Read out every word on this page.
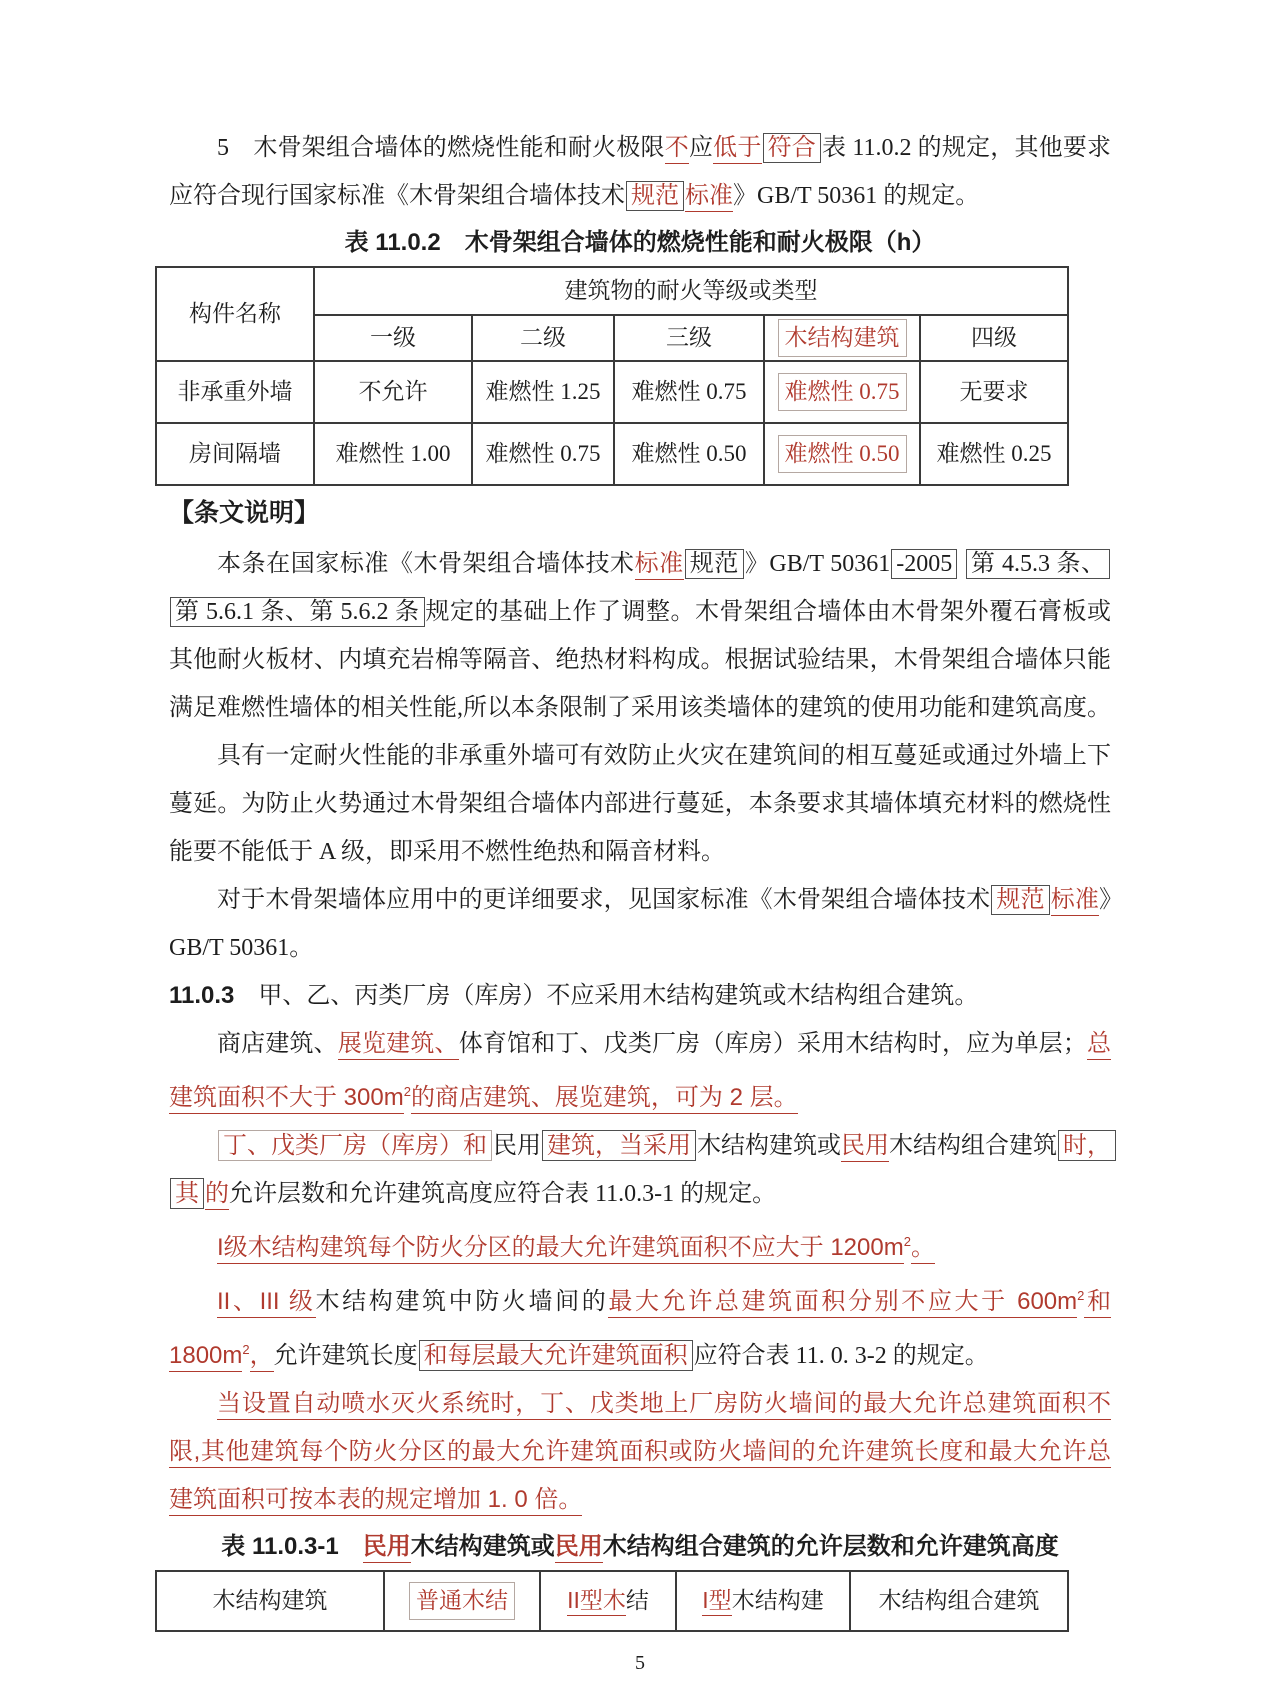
5　木骨架组合墙体的燃烧性能和耐火极限不应低于 符合 表 11.0.2 的规定，其他要求应符合现行国家标准《木骨架组合墙体技术 规范 标准》GB/T 50361 的规定。
表 11.0.2　木骨架组合墙体的燃烧性能和耐火极限（h）
构件名称	建筑物的耐火等级或类型				
	一级	二级	三级	木结构建筑	四级
非承重外墙	不允许	难燃性 1.25	难燃性 0.75	难燃性 0.75	无要求
房间隔墙	难燃性 1.00	难燃性 0.75	难燃性 0.50	难燃性 0.50	难燃性 0.25
【条文说明】
本条在国家标准《木骨架组合墙体技术标准 规范 》GB/T 50361 -2005 第 4.5.3 条、第 5.6.1 条、第 5.6.2 条 规定的基础上作了调整。木骨架组合墙体由木骨架外覆石膏板或其他耐火板材、内填充岩棉等隔音、绝热材料构成。根据试验结果，木骨架组合墙体只能满足难燃性墙体的相关性能,所以本条限制了采用该类墙体的建筑的使用功能和建筑高度。
具有一定耐火性能的非承重外墙可有效防止火灾在建筑间的相互蔓延或通过外墙上下蔓延。为防止火势通过木骨架组合墙体内部进行蔓延，本条要求其墙体填充材料的燃烧性能要不能低于 A 级，即采用不燃性绝热和隔音材料。
对于木骨架墙体应用中的更详细要求，见国家标准《木骨架组合墙体技术 规范 标准》GB/T 50361。
11.0.3　甲、乙、丙类厂房（库房）不应采用木结构建筑或木结构组合建筑。
商店建筑、展览建筑、体育馆和丁、戊类厂房（库房）采用木结构时，应为单层；总建筑面积不大于 $300m^2$的商店建筑、展览建筑，可为 2 层。
丁、戊类厂房（库房）和 民用 建筑，当采用 木结构建筑或民用木结构组合建筑 时，其 的允许层数和允许建筑高度应符合表 11.0.3-1 的规定。
I级木结构建筑每个防火分区的最大允许建筑面积不应大于 $1200m^2$。
II、III 级木结构建筑中防火墙间的最大允许总建筑面积分别不应大于 $600m^2$和$1800m^2$，允许建筑长度 和每层最大允许建筑面积 应符合表 11. 0. 3-2 的规定。
当设置自动喷水灭火系统时，丁、戊类地上厂房防火墙间的最大允许总建筑面积不限,其他建筑每个防火分区的最大允许建筑面积或防火墙间的允许建筑长度和最大允许总建筑面积可按本表的规定增加 1. 0 倍。
表 11.0.3-1　民用木结构建筑或民用木结构组合建筑的允许层数和允许建筑高度
木结构建筑	普通木结	II型木结	I型木结构建	木结构组合建筑
5
